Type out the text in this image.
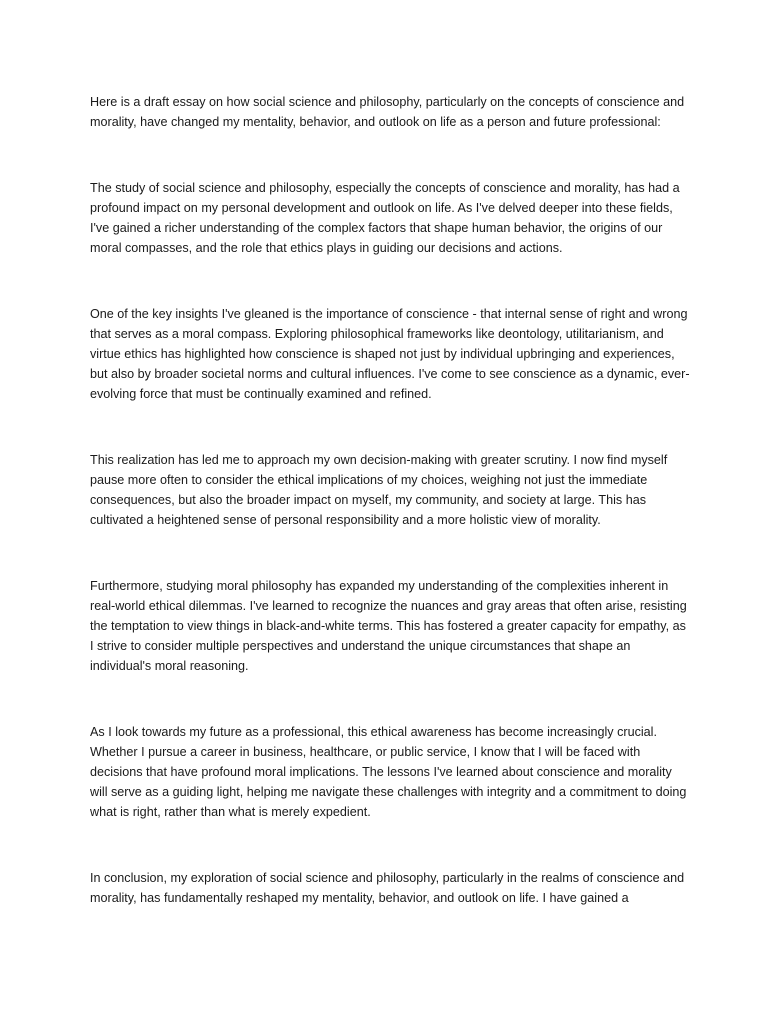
Here is a draft essay on how social science and philosophy, particularly on the concepts of conscience and morality, have changed my mentality, behavior, and outlook on life as a person and future professional:

The study of social science and philosophy, especially the concepts of conscience and morality, has had a profound impact on my personal development and outlook on life. As I've delved deeper into these fields, I've gained a richer understanding of the complex factors that shape human behavior, the origins of our moral compasses, and the role that ethics plays in guiding our decisions and actions.

One of the key insights I've gleaned is the importance of conscience - that internal sense of right and wrong that serves as a moral compass. Exploring philosophical frameworks like deontology, utilitarianism, and virtue ethics has highlighted how conscience is shaped not just by individual upbringing and experiences, but also by broader societal norms and cultural influences. I've come to see conscience as a dynamic, ever-evolving force that must be continually examined and refined.

This realization has led me to approach my own decision-making with greater scrutiny. I now find myself pause more often to consider the ethical implications of my choices, weighing not just the immediate consequences, but also the broader impact on myself, my community, and society at large. This has cultivated a heightened sense of personal responsibility and a more holistic view of morality.

Furthermore, studying moral philosophy has expanded my understanding of the complexities inherent in real-world ethical dilemmas. I've learned to recognize the nuances and gray areas that often arise, resisting the temptation to view things in black-and-white terms. This has fostered a greater capacity for empathy, as I strive to consider multiple perspectives and understand the unique circumstances that shape an individual's moral reasoning.

As I look towards my future as a professional, this ethical awareness has become increasingly crucial. Whether I pursue a career in business, healthcare, or public service, I know that I will be faced with decisions that have profound moral implications. The lessons I've learned about conscience and morality will serve as a guiding light, helping me navigate these challenges with integrity and a commitment to doing what is right, rather than what is merely expedient.

In conclusion, my exploration of social science and philosophy, particularly in the realms of conscience and morality, has fundamentally reshaped my mentality, behavior, and outlook on life. I have gained a
